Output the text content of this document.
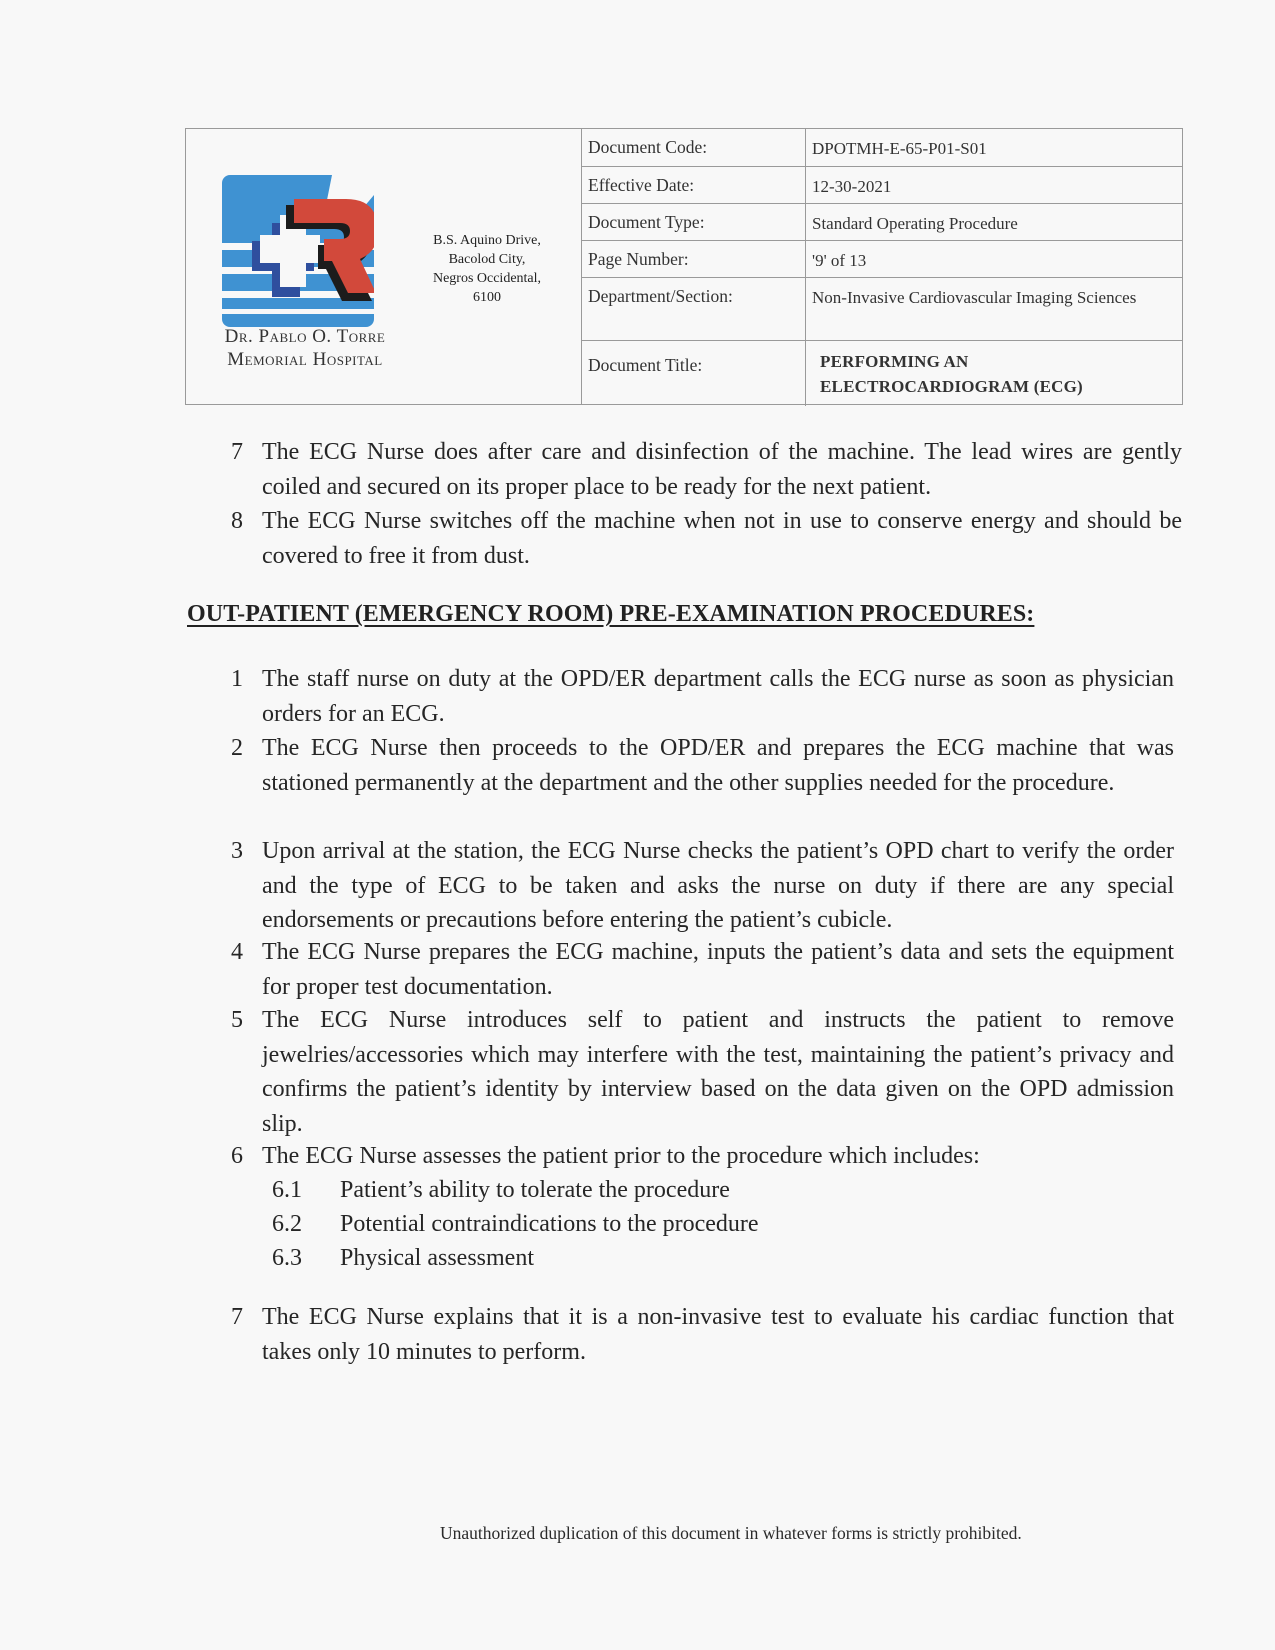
Dr. Pablo O. Torre
Memorial Hospital
B.S. Aquino Drive,
Bacolod City,
Negros Occidental,
6100
Document Code:	DPOTMH-E-65-P01-S01
Effective Date:	12-30-2021
Document Type:	Standard Operating Procedure
Page Number:	'9' of 13
Department/Section:	Non-Invasive Cardiovascular Imaging Sciences
Document Title:	PERFORMING AN
ELECTROCARDIOGRAM (ECG)
7 The ECG Nurse does after care and disinfection of the machine. The lead wires are gently coiled and secured on its proper place to be ready for the next patient.
8 The ECG Nurse switches off the machine when not in use to conserve energy and should be covered to free it from dust.
OUT-PATIENT (EMERGENCY ROOM) PRE-EXAMINATION PROCEDURES:
1 The staff nurse on duty at the OPD/ER department calls the ECG nurse as soon as physician orders for an ECG.
2 The ECG Nurse then proceeds to the OPD/ER and prepares the ECG machine that was stationed permanently at the department and the other supplies needed for the procedure.
3 Upon arrival at the station, the ECG Nurse checks the patient’s OPD chart to verify the order and the type of ECG to be taken and asks the nurse on duty if there are any special endorsements or precautions before entering the patient’s cubicle.
4 The ECG Nurse prepares the ECG machine, inputs the patient’s data and sets the equipment for proper test documentation.
5 The ECG Nurse introduces self to patient and instructs the patient to remove jewelries/accessories which may interfere with the test, maintaining the patient’s privacy and confirms the patient’s identity by interview based on the data given on the OPD admission slip.
6 The ECG Nurse assesses the patient prior to the procedure which includes:
6.1 Patient’s ability to tolerate the procedure
6.2 Potential contraindications to the procedure
6.3 Physical assessment
7 The ECG Nurse explains that it is a non-invasive test to evaluate his cardiac function that takes only 10 minutes to perform.
Unauthorized duplication of this document in whatever forms is strictly prohibited.
